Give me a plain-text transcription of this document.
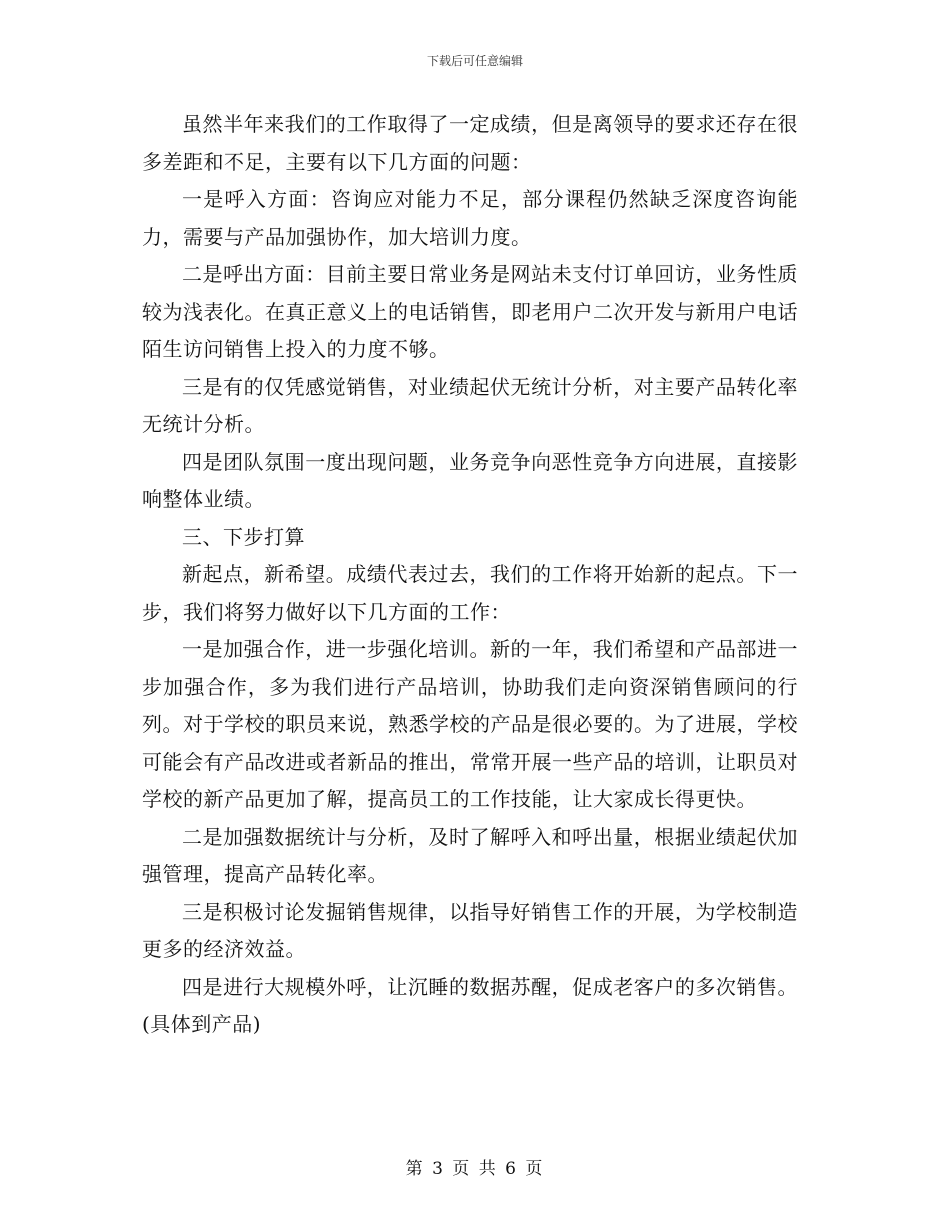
下载后可任意编辑

虽然半年来我们的工作取得了一定成绩，但是离领导的要求还存在很多差距和不足，主要有以下几方面的问题：

一是呼入方面：咨询应对能力不足，部分课程仍然缺乏深度咨询能力，需要与产品加强协作，加大培训力度。

二是呼出方面：目前主要日常业务是网站未支付订单回访，业务性质较为浅表化。在真正意义上的电话销售，即老用户二次开发与新用户电话陌生访问销售上投入的力度不够。

三是有的仅凭感觉销售，对业绩起伏无统计分析，对主要产品转化率无统计分析。

四是团队氛围一度出现问题，业务竞争向恶性竞争方向进展，直接影响整体业绩。

三、下步打算

新起点，新希望。成绩代表过去，我们的工作将开始新的起点。下一步，我们将努力做好以下几方面的工作：

一是加强合作，进一步强化培训。新的一年，我们希望和产品部进一步加强合作，多为我们进行产品培训，协助我们走向资深销售顾问的行列。对于学校的职员来说，熟悉学校的产品是很必要的。为了进展，学校可能会有产品改进或者新品的推出，常常开展一些产品的培训，让职员对学校的新产品更加了解，提高员工的工作技能，让大家成长得更快。

二是加强数据统计与分析，及时了解呼入和呼出量，根据业绩起伏加强管理，提高产品转化率。

三是积极讨论发掘销售规律，以指导好销售工作的开展，为学校制造更多的经济效益。

四是进行大规模外呼，让沉睡的数据苏醒，促成老客户的多次销售。(具体到产品)

第 3 页 共 6 页
